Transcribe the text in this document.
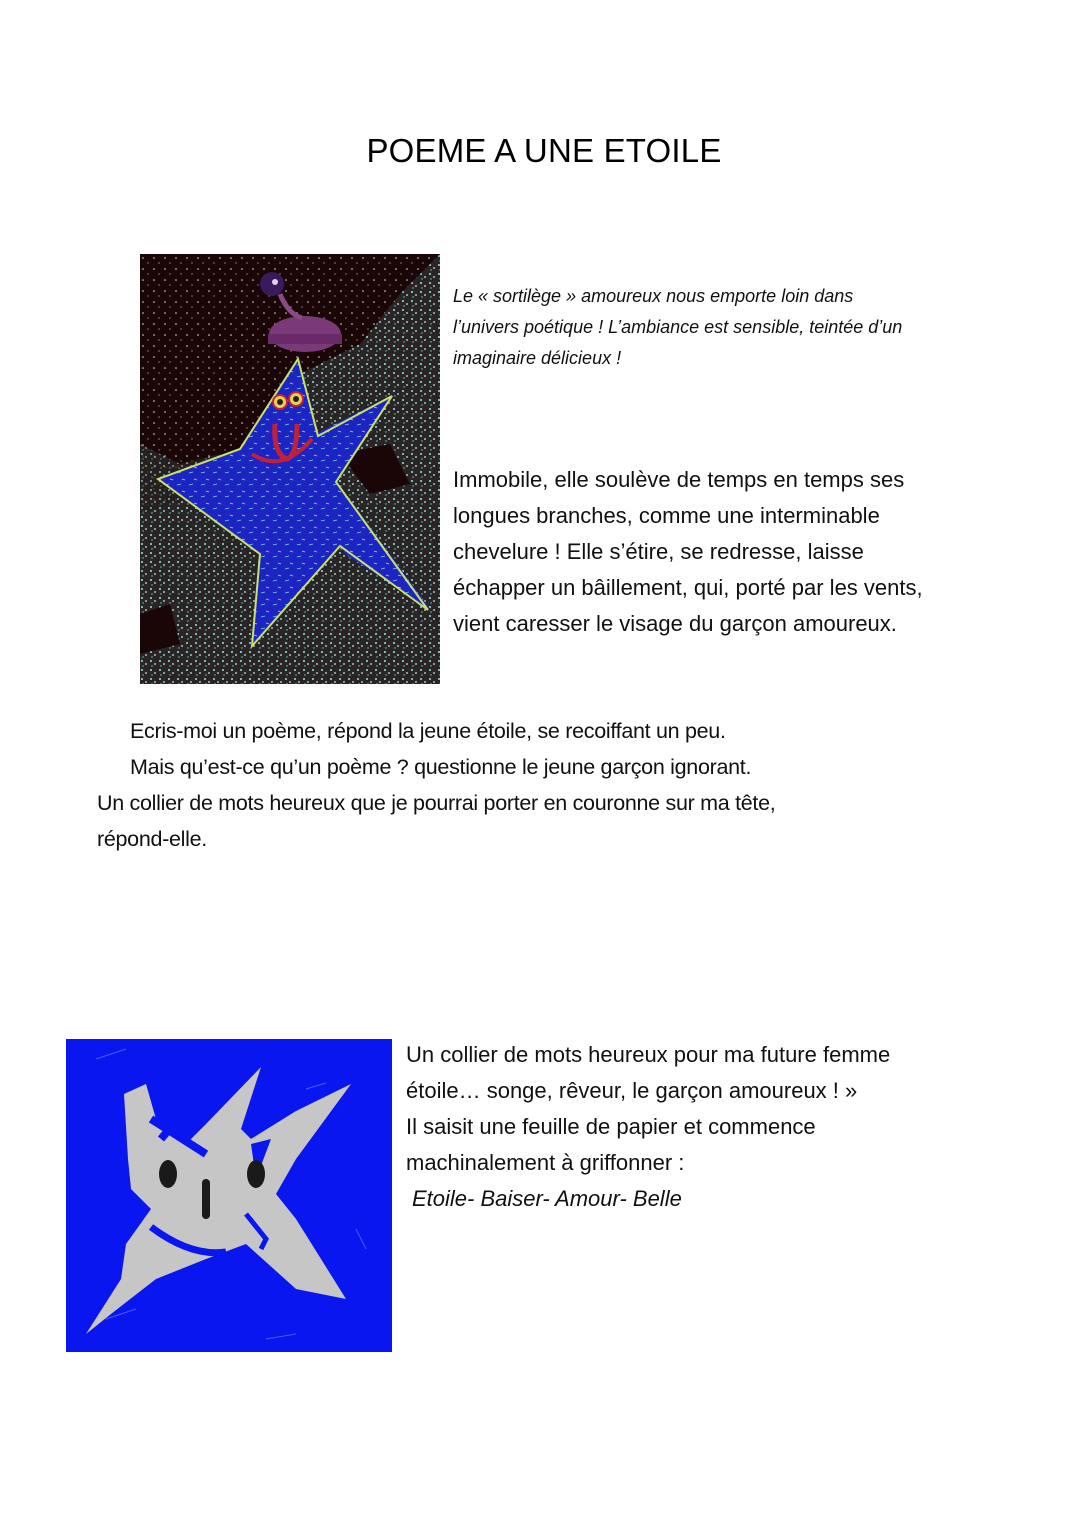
POEME A UNE ETOILE

Le « sortilège » amoureux nous emporte loin dans

l’univers poétique ! L’ambiance est sensible, teintée d’un

imaginaire délicieux !

Immobile, elle soulève de temps en temps ses

longues branches, comme une interminable

chevelure ! Elle s’étire, se redresse, laisse

échapper un bâillement, qui, porté par les vents,

vient caresser le visage du garçon amoureux.

Ecris-moi un poème, répond la jeune étoile, se recoiffant un peu.

Mais qu’est-ce qu’un poème ? questionne le jeune garçon ignorant.

Un collier de mots heureux que je pourrai porter en couronne sur ma tête,

répond-elle.

Un collier de mots heureux pour ma future femme

étoile… songe, rêveur, le garçon amoureux ! »

Il saisit une feuille de papier et commence

machinalement à griffonner :

Etoile- Baiser- Amour- Belle
